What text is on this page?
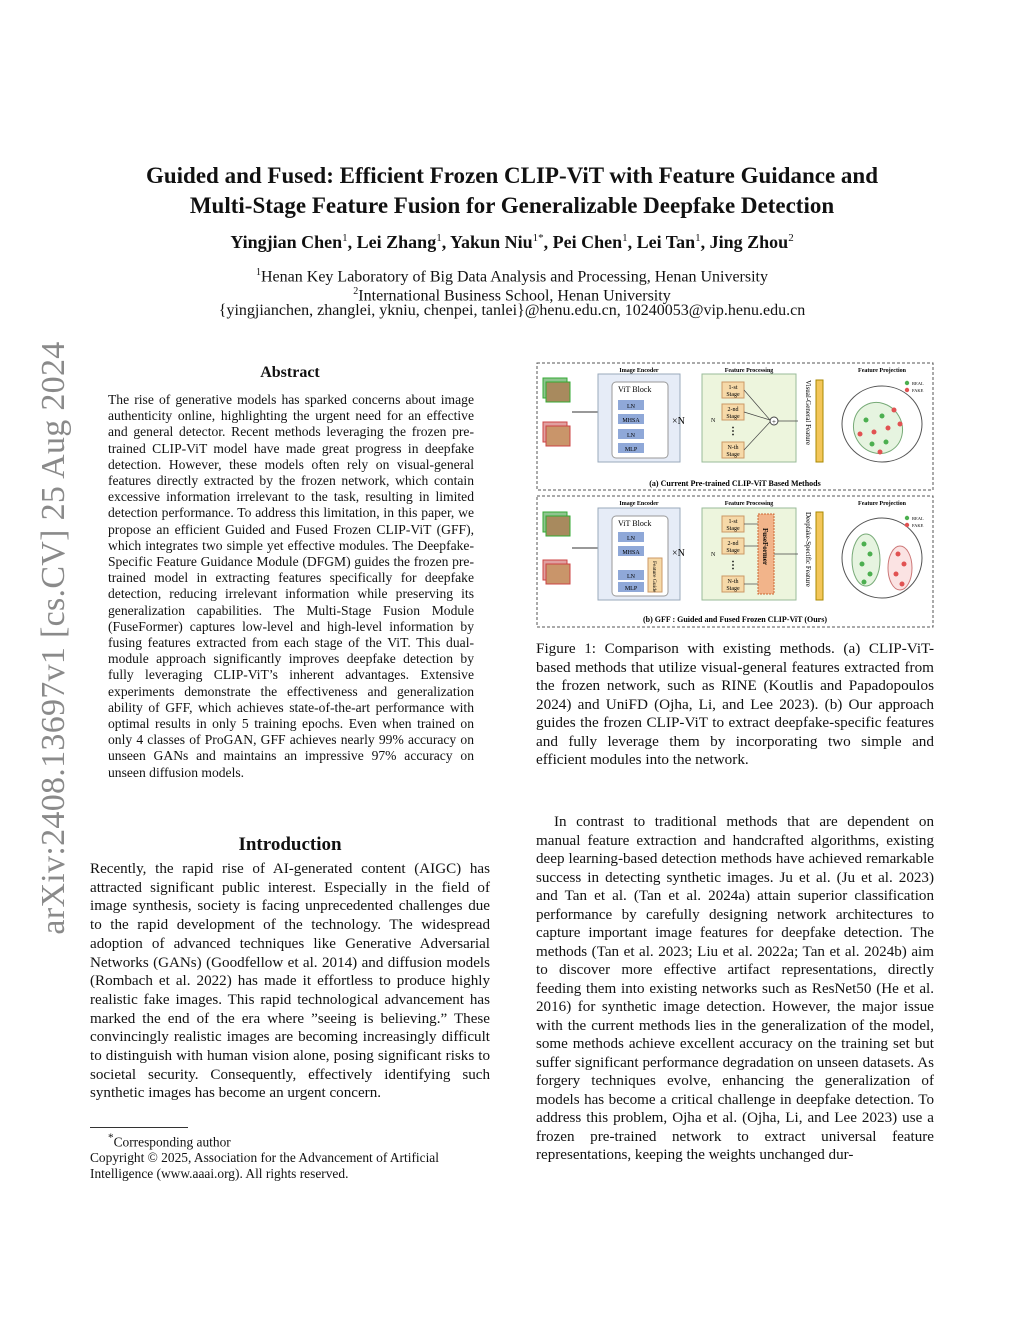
Guided and Fused: Efficient Frozen CLIP-ViT with Feature Guidance and
Multi-Stage Feature Fusion for Generalizable Deepfake Detection
Yingjian Chen$^1$, Lei Zhang$^1$, Yakun Niu$^{1*}$, Pei Chen$^1$, Lei Tan$^1$, Jing Zhou$^2$
$^1$Henan Key Laboratory of Big Data Analysis and Processing, Henan University
$^2$International Business School, Henan University
{yingjianchen, zhanglei, ykniu, chenpei, tanlei}@henu.edu.cn, 10240053@vip.henu.edu.cn
arXiv:2408.13697v1 [cs.CV] 25 Aug 2024	Abstract
The rise of generative models has sparked concerns about image authenticity online, highlighting the urgent need for an effective and general detector. Recent methods leveraging the frozen pre-trained CLIP-ViT model have made great progress in deepfake detection. However, these models often rely on visual-general features directly extracted by the frozen network, which contain excessive information irrelevant to the task, resulting in limited detection performance. To address this limitation, in this paper, we propose an efficient Guided and Fused Frozen CLIP-ViT (GFF), which integrates two simple yet effective modules. The Deepfake-Specific Feature Guidance Module (DFGM) guides the frozen pre-trained model in extracting features specifically for deepfake detection, reducing irrelevant information while preserving its generalization capabilities. The Multi-Stage Fusion Module (FuseFormer) captures low-level and high-level information by fusing features extracted from each stage of the ViT. This dual-module approach significantly improves deepfake detection by fully leveraging CLIP-ViT’s inherent advantages. Extensive experiments demonstrate the effectiveness and generalization ability of GFF, which achieves state-of-the-art performance with optimal results in only 5 training epochs. Even when trained on only 4 classes of ProGAN, GFF achieves nearly 99% accuracy on unseen GANs and maintains an impressive 97% accuracy on unseen diffusion models.
Introduction
Recently, the rapid rise of AI-generated content (AIGC) has attracted significant public interest. Especially in the field of image synthesis, society is facing unprecedented challenges due to the rapid development of the technology. The widespread adoption of advanced techniques like Generative Adversarial Networks (GANs) (Goodfellow et al. 2014) and diffusion models (Rombach et al. 2022) has made it effortless to produce highly realistic fake images. This rapid technological advancement has marked the end of the era where ”seeing is believing.” These convincingly realistic images are becoming increasingly difficult to distinguish with human vision alone, posing significant risks to societal security. Consequently, effectively identifying such synthetic images has become an urgent concern.
*Corresponding author
Copyright © 2025, Association for the Advancement of Artificial Intelligence (www.aaai.org). All rights reserved.
Image Encoder
ViT Block
LN
MHSA
LN
MLP
×N
Feature Processing
N
1-st
Stage
2-nd
Stage
⋮
N-th
Stage
+	Visual-General Feature
Feature Projection
REAL
FAKE
(a) Current Pre-trained CLIP-ViT Based Methods
Image Encoder
ViT Block
LN
MHSA
LN
MLP	Feature Guide
×N
Feature Processing
N
1-st
Stage
2-nd
Stage
⋮
N-th
Stage
FuseFormer	Deepfake-Specific Feature
Feature Projection
REAL
FAKE
(b) GFF : Guided and Fused Frozen CLIP-ViT (Ours)
Figure 1: Comparison with existing methods. (a) CLIP-ViT-based methods that utilize visual-general features extracted from the frozen network, such as RINE (Koutlis and Papadopoulos 2024) and UniFD (Ojha, Li, and Lee 2023). (b) Our approach guides the frozen CLIP-ViT to extract deepfake-specific features and fully leverage them by incorporating two simple and efficient modules into the network.
In contrast to traditional methods that are dependent on manual feature extraction and handcrafted algorithms, existing deep learning-based detection methods have achieved remarkable success in detecting synthetic images. Ju et al. (Ju et al. 2023) and Tan et al. (Tan et al. 2024a) attain superior classification performance by carefully designing network architectures to capture important image features for deepfake detection. The methods (Tan et al. 2023; Liu et al. 2022a; Tan et al. 2024b) aim to discover more effective artifact representations, directly feeding them into existing networks such as ResNet50 (He et al. 2016) for synthetic image detection. However, the major issue with the current methods lies in the generalization of the model, some methods achieve excellent accuracy on the training set but suffer significant performance degradation on unseen datasets. As forgery techniques evolve, enhancing the generalization of models has become a critical challenge in deepfake detection. To address this problem, Ojha et al. (Ojha, Li, and Lee 2023) use a frozen pre-trained network to extract universal feature representations, keeping the weights unchanged dur-
